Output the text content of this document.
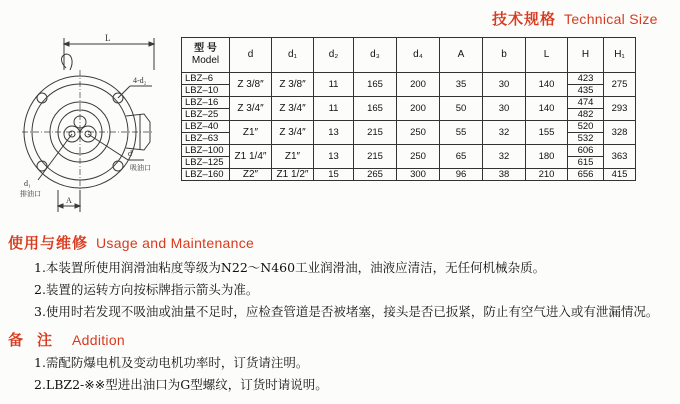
技术规格 Technical Size
L
4-d₂
d
吸油口
d₁
排油口
A
型 号
Model	d	d₁	d₂	d₃	d₄	A	b	L	H	H₁
LBZ–6	Z 3/8″	Z 3/8″	11	165	200	35	30	140	423	275
LBZ–10									435	
LBZ–16	Z 3/4″	Z 3/4″	11	165	200	50	30	140	474	293
LBZ–25									482	
LBZ–40	Z1″	Z 3/4″	13	215	250	55	32	155	520	328
LBZ–63									532	
LBZ–100	Z1 1/4″	Z1″	13	215	250	65	32	180	606	363
LBZ–125									615	
LBZ–160	Z2″	Z1 1/2″	15	265	300	96	38	210	656	415
使用与维修 Usage and Maintenance
1.本装置所使用润滑油粘度等级为N22～N460工业润滑油，油液应清洁，无任何机械杂质。
2.装置的运转方向按标牌指示箭头为准。
3.使用时若发现不吸油或油量不足时，应检查管道是否被堵塞，接头是否已扳紧，防止有空气进入或有泄漏情况。
备注 Addition
1.需配防爆电机及变动电机功率时，订货请注明。
2.LBZ2-※※型进出油口为G型螺纹，订货时请说明。
